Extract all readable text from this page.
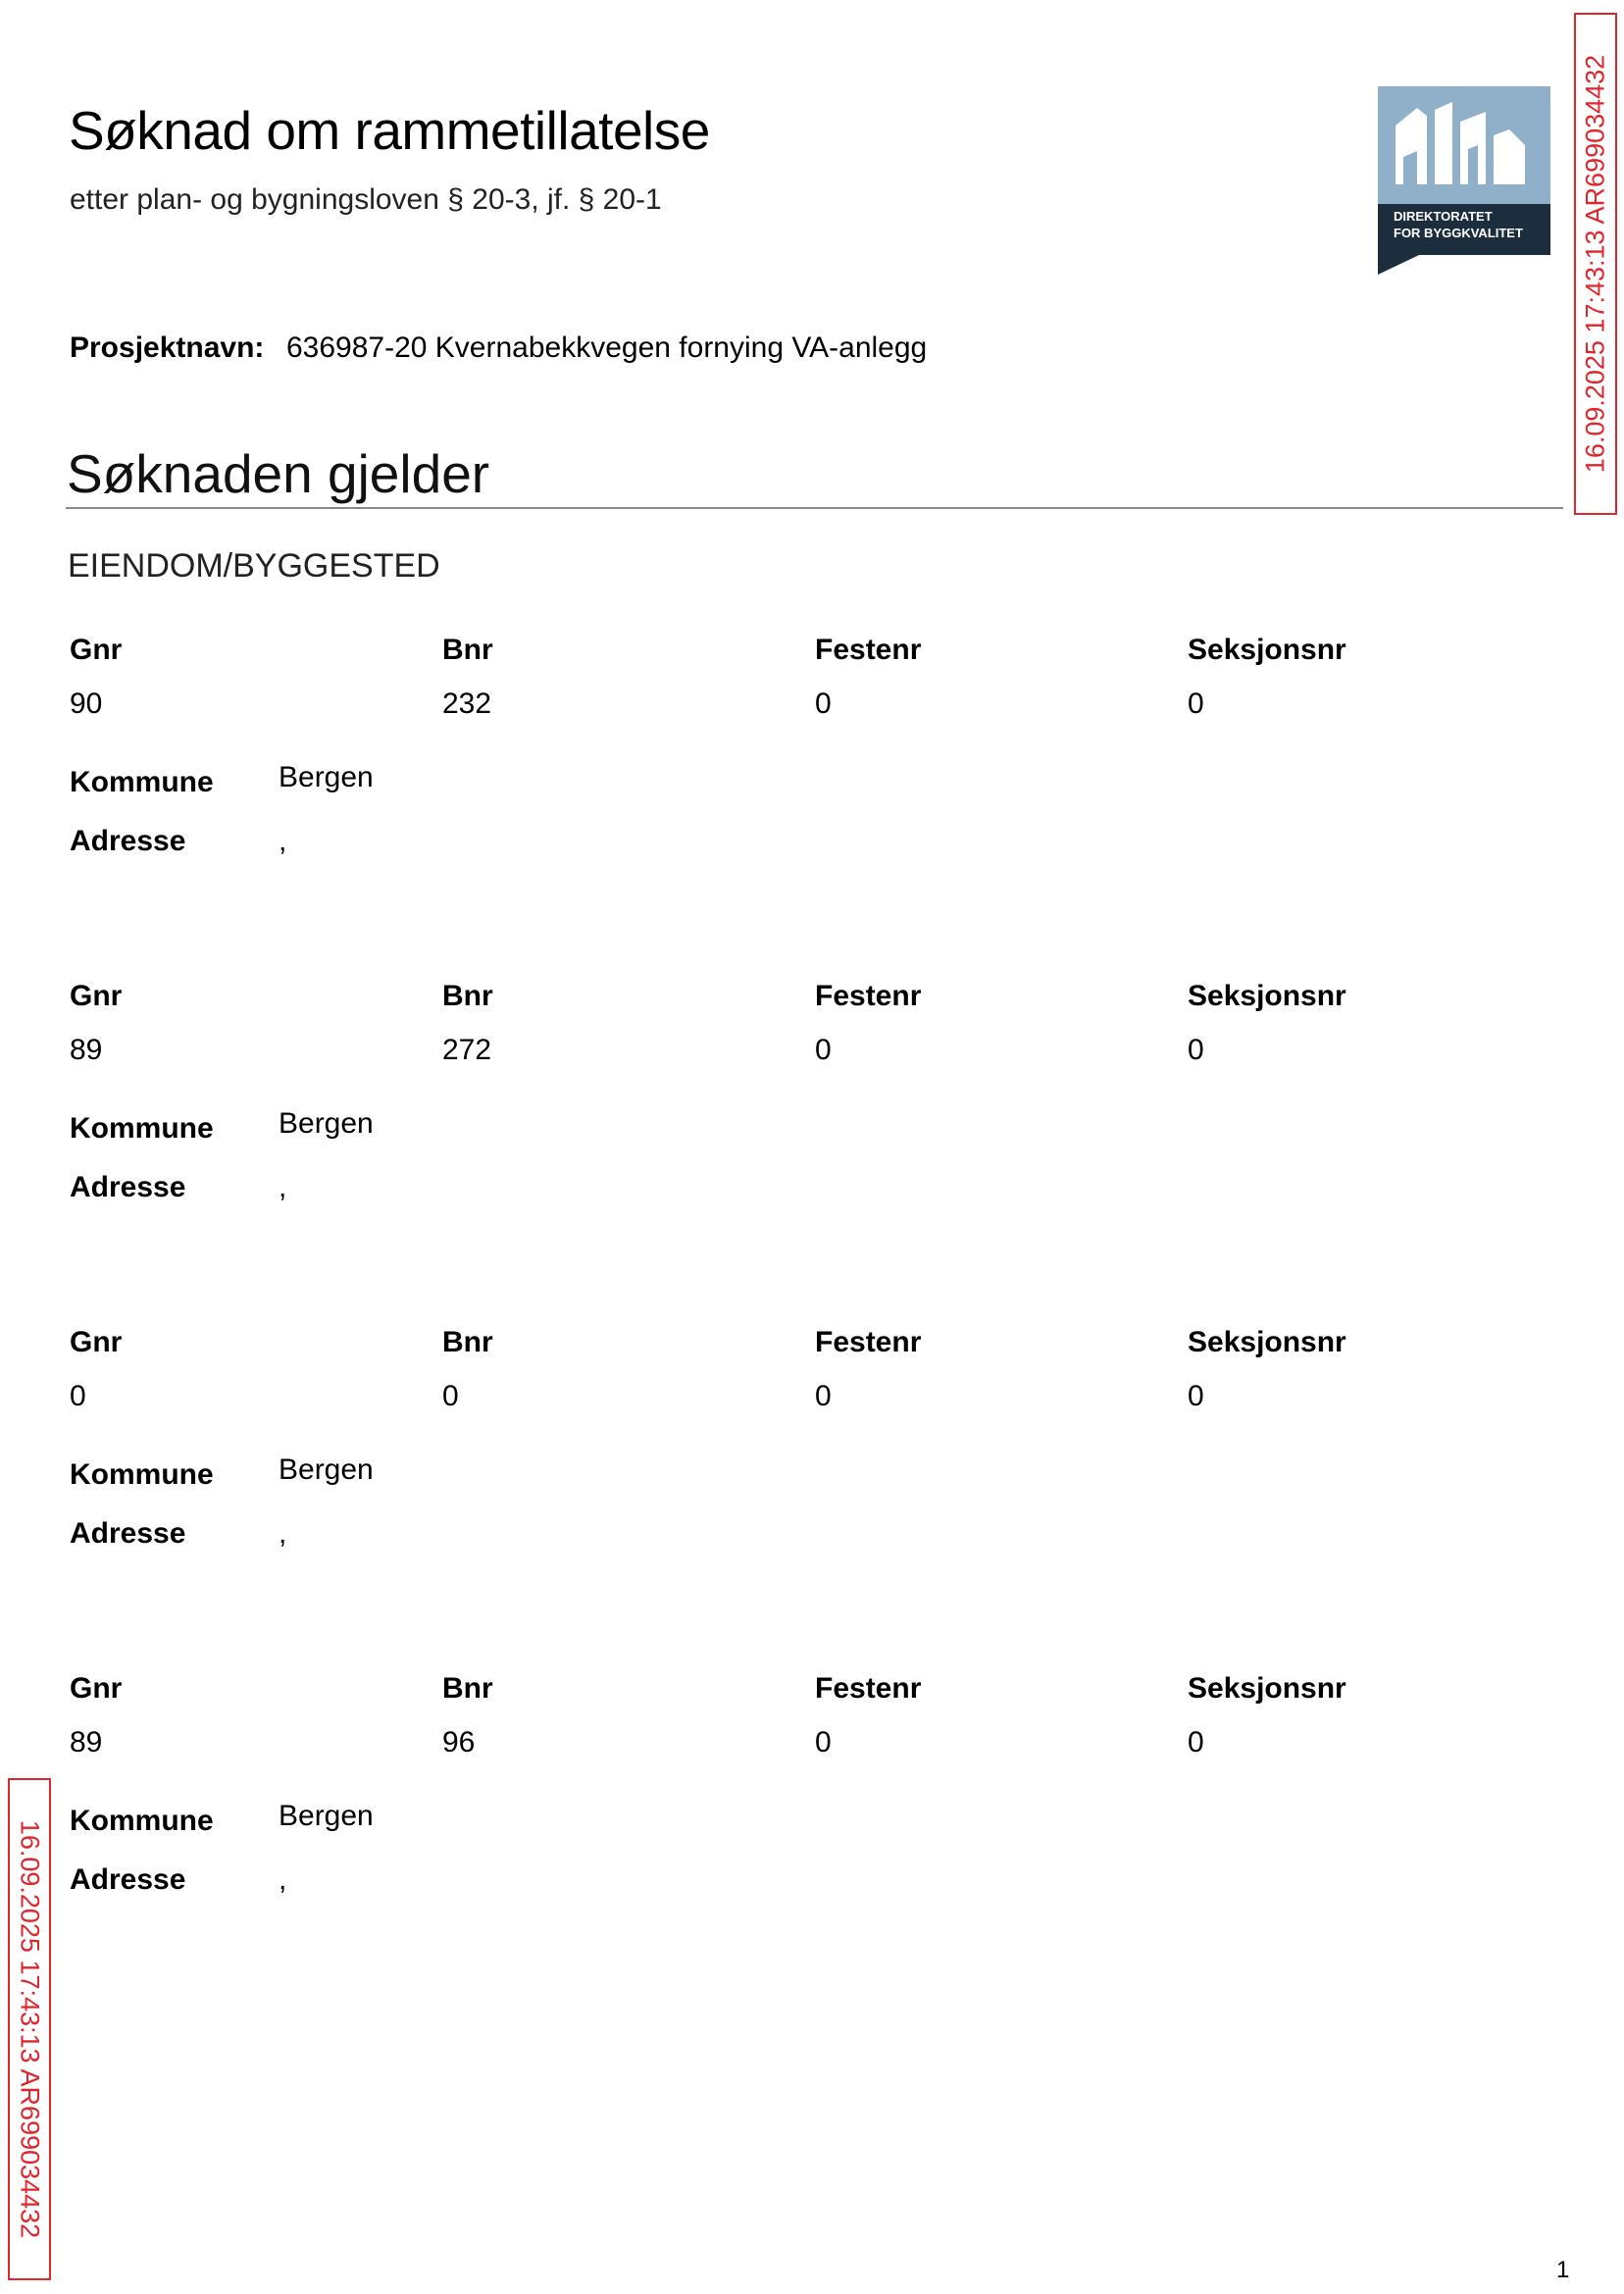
Søknad om rammetillatelse
etter plan- og bygningsloven § 20-3, jf. § 20-1
DIREKTORATET
FOR BYGGKVALITET 16.09.2025 17:43:13 AR699034432
16.09.2025 17:43:13 AR699034432
Prosjektnavn: 636987-20 Kvernabekkvegen fornying VA-anlegg
Søknaden gjelder
EIENDOM/BYGGESTED
Gnr	Bnr	Festenr	Seksjonsnr
90	232	0	0
Kommune Bergen
Adresse	,
Gnr	Bnr	Festenr	Seksjonsnr
89	272	0	0
Kommune Bergen
Adresse	,
Gnr	Bnr	Festenr	Seksjonsnr
0	0	0	0
Kommune Bergen
Adresse	,
Gnr	Bnr	Festenr	Seksjonsnr
89	96	0	0
Kommune Bergen
Adresse	,
1
